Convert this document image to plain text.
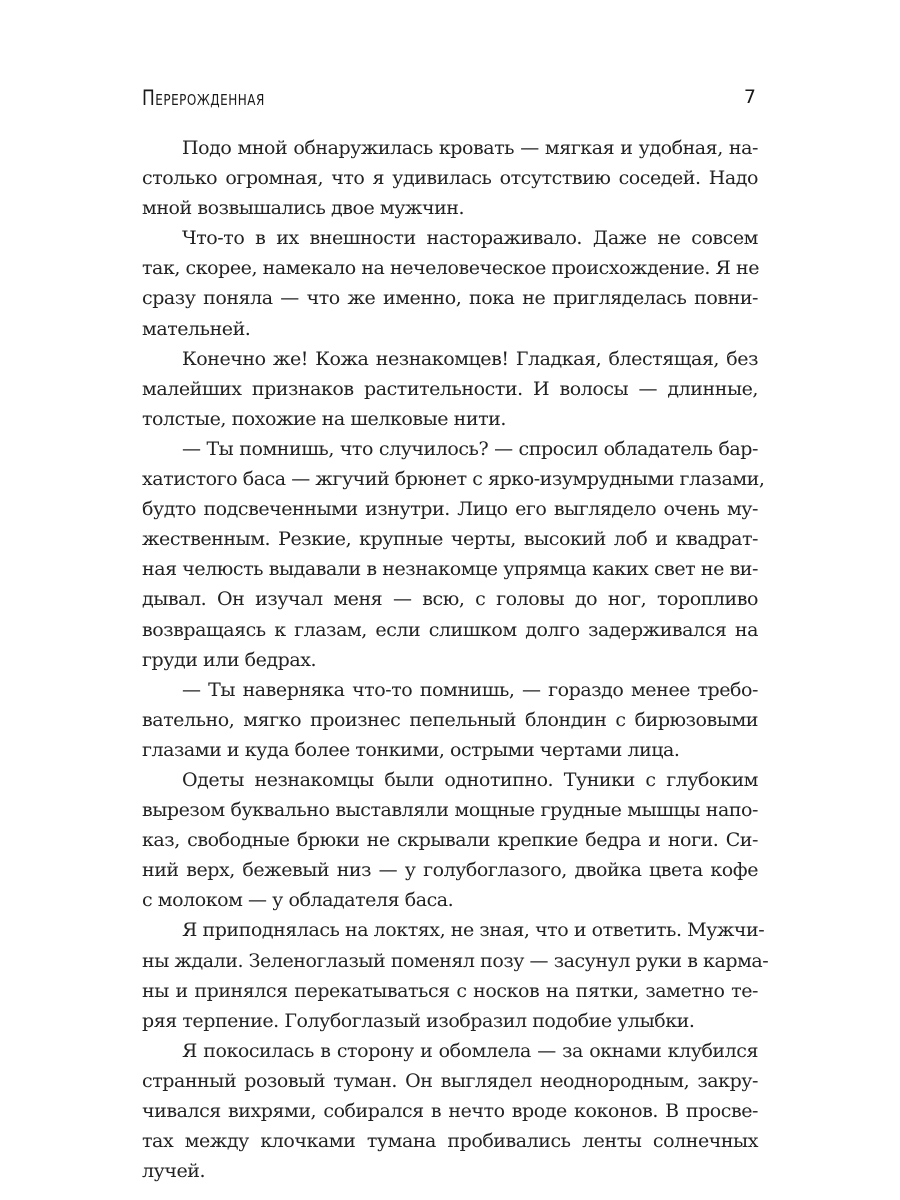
Перерожденная	7

Подо мной обнаружилась кровать — мягкая и удобная, на-
столько огромная, что я удивилась отсутствию соседей. Надо
мной возвышались двое мужчин.

Что-то в их внешности настораживало. Даже не совсем
так, скорее, намекало на нечеловеческое происхождение. Я не
сразу поняла — что же именно, пока не пригляделась повни-
мательней.

Конечно же! Кожа незнакомцев! Гладкая, блестящая, без
малейших признаков растительности. И волосы — длинные,
толстые, похожие на шелковые нити.

— Ты помнишь, что случилось? — спросил обладатель бар-
хатистого баса — жгучий брюнет с ярко-изумрудными глазами,
будто подсвеченными изнутри. Лицо его выглядело очень му-
жественным. Резкие, крупные черты, высокий лоб и квадрат-
ная челюсть выдавали в незнакомце упрямца каких свет не ви-
дывал. Он изучал меня — всю, с головы до ног, торопливо
возвращаясь к глазам, если слишком долго задерживался на
груди или бедрах.

— Ты наверняка что-то помнишь, — гораздо менее требо-
вательно, мягко произнес пепельный блондин с бирюзовыми
глазами и куда более тонкими, острыми чертами лица.

Одеты незнакомцы были однотипно. Туники с глубоким
вырезом буквально выставляли мощные грудные мышцы напо-
каз, свободные брюки не скрывали крепкие бедра и ноги. Си-
ний верх, бежевый низ — у голубоглазого, двойка цвета кофе
с молоком — у обладателя баса.

Я приподнялась на локтях, не зная, что и ответить. Мужчи-
ны ждали. Зеленоглазый поменял позу — засунул руки в карма-
ны и принялся перекатываться с носков на пятки, заметно те-
ряя терпение. Голубоглазый изобразил подобие улыбки.

Я покосилась в сторону и обомлела — за окнами клубился
странный розовый туман. Он выглядел неоднородным, закру-
чивался вихрями, собирался в нечто вроде коконов. В просве-
тах между клочками тумана пробивались ленты солнечных
лучей.
